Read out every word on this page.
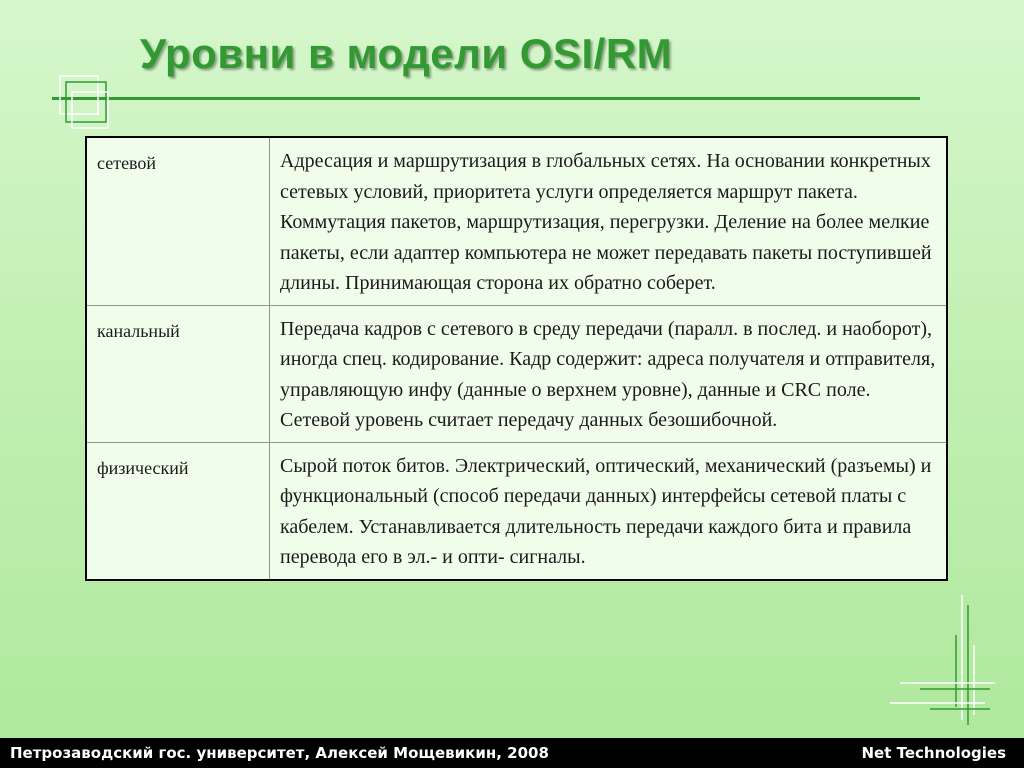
Уровни в модели OSI/RM
сетевой	Адресация и маршрутизация в глобальных сетях. На основании конкретных сетевых условий, приоритета услуги определяется маршрут пакета. Коммутация пакетов, маршрутизация, перегрузки. Деление на более мелкие пакеты, если адаптер компьютера не может передавать пакеты поступившей длины. Принимающая сторона их обратно соберет.
канальный	Передача кадров с сетевого в среду передачи (паралл. в послед. и наоборот), иногда спец. кодирование. Кадр содержит: адреса получателя и отправителя, управляющую инфу (данные о верхнем уровне), данные и CRC поле. Сетевой уровень считает передачу данных безошибочной.
физический	Сырой поток битов. Электрический, оптический, механический (разъемы) и функциональный (способ передачи данных) интерфейсы сетевой платы с кабелем. Устанавливается длительность передачи каждого бита и правила перевода его в эл.- и опти- сигналы.
Петрозаводский гос. университет, Алексей Мощевикин, 2008	Net Technologies
